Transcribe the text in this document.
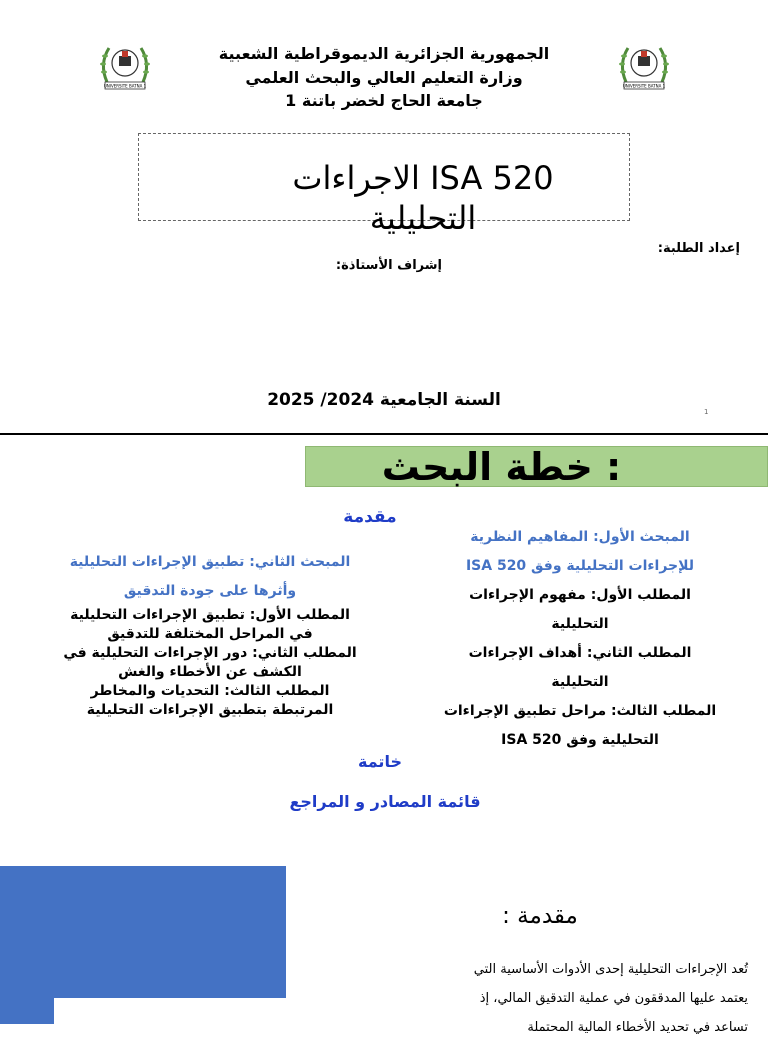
UNIVERSITE BATNA 1
UNIVERSITE BATNA 1
الجمهورية الجزائرية الديموقراطية الشعبية
وزارة التعليم العالي والبحث العلمي
جامعة الحاج لخضر باتنة 1
ISA 520 الاجراءات التحليلية
إعداد الطلبة:
إشراف الأستاذة:
السنة الجامعية 2024/ 2025
1
: خطة البحث
مقدمة

المبحث الأول: المفاهيم النظرية

للإجراءات التحليلية وفق ISA 520

المطلب الأول: مفهوم الإجراءات

التحليلية

المطلب الثاني: أهداف الإجراءات

التحليلية

المطلب الثالث: مراحل تطبيق الإجراءات

التحليلية وفق ISA 520

المبحث الثاني: تطبيق الإجراءات التحليلية

وأثرها على جودة التدقيق

المطلب الأول: تطبيق الإجراءات التحليلية

في المراحل المختلفة للتدقيق

المطلب الثاني: دور الإجراءات التحليلية في

الكشف عن الأخطاء والغش

المطلب الثالث: التحديات والمخاطر

المرتبطة بتطبيق الإجراءات التحليلية

خاتمة
قائمة المصادر و المراجع
مقدمة :
تُعد الإجراءات التحليلية إحدى الأدوات الأساسية التي
يعتمد عليها المدققون في عملية التدقيق المالي، إذ
تساعد في تحديد الأخطاء المالية المحتملة
